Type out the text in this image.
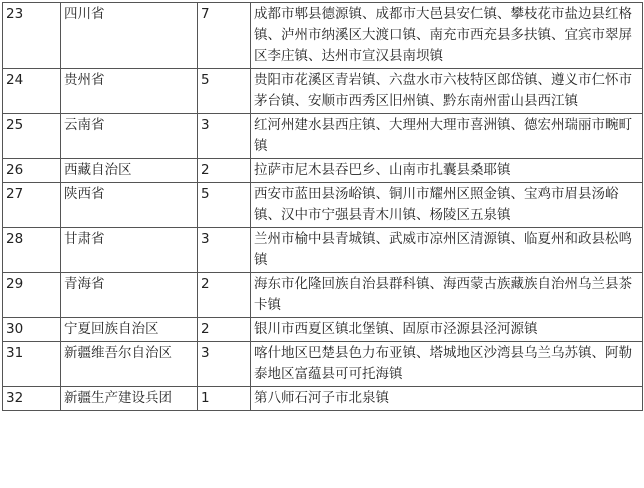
23	四川省	7	成都市郫县德源镇、成都市大邑县安仁镇、攀枝花市盐边县红格镇、泸州市纳溪区大渡口镇、南充市西充县多扶镇、宜宾市翠屏区李庄镇、达州市宣汉县南坝镇
24	贵州省	5	贵阳市花溪区青岩镇、六盘水市六枝特区郎岱镇、遵义市仁怀市茅台镇、安顺市西秀区旧州镇、黔东南州雷山县西江镇
25	云南省	3	红河州建水县西庄镇、大理州大理市喜洲镇、德宏州瑞丽市畹町镇
26	西藏自治区	2	拉萨市尼木县吞巴乡、山南市扎囊县桑耶镇
27	陕西省	5	西安市蓝田县汤峪镇、铜川市耀州区照金镇、宝鸡市眉县汤峪镇、汉中市宁强县青木川镇、杨陵区五泉镇
28	甘肃省	3	兰州市榆中县青城镇、武威市凉州区清源镇、临夏州和政县松鸣镇
29	青海省	2	海东市化隆回族自治县群科镇、海西蒙古族藏族自治州乌兰县茶卡镇
30	宁夏回族自治区	2	银川市西夏区镇北堡镇、固原市泾源县泾河源镇
31	新疆维吾尔自治区	3	喀什地区巴楚县色力布亚镇、塔城地区沙湾县乌兰乌苏镇、阿勒泰地区富蕴县可可托海镇
32	新疆生产建设兵团	1	第八师石河子市北泉镇
